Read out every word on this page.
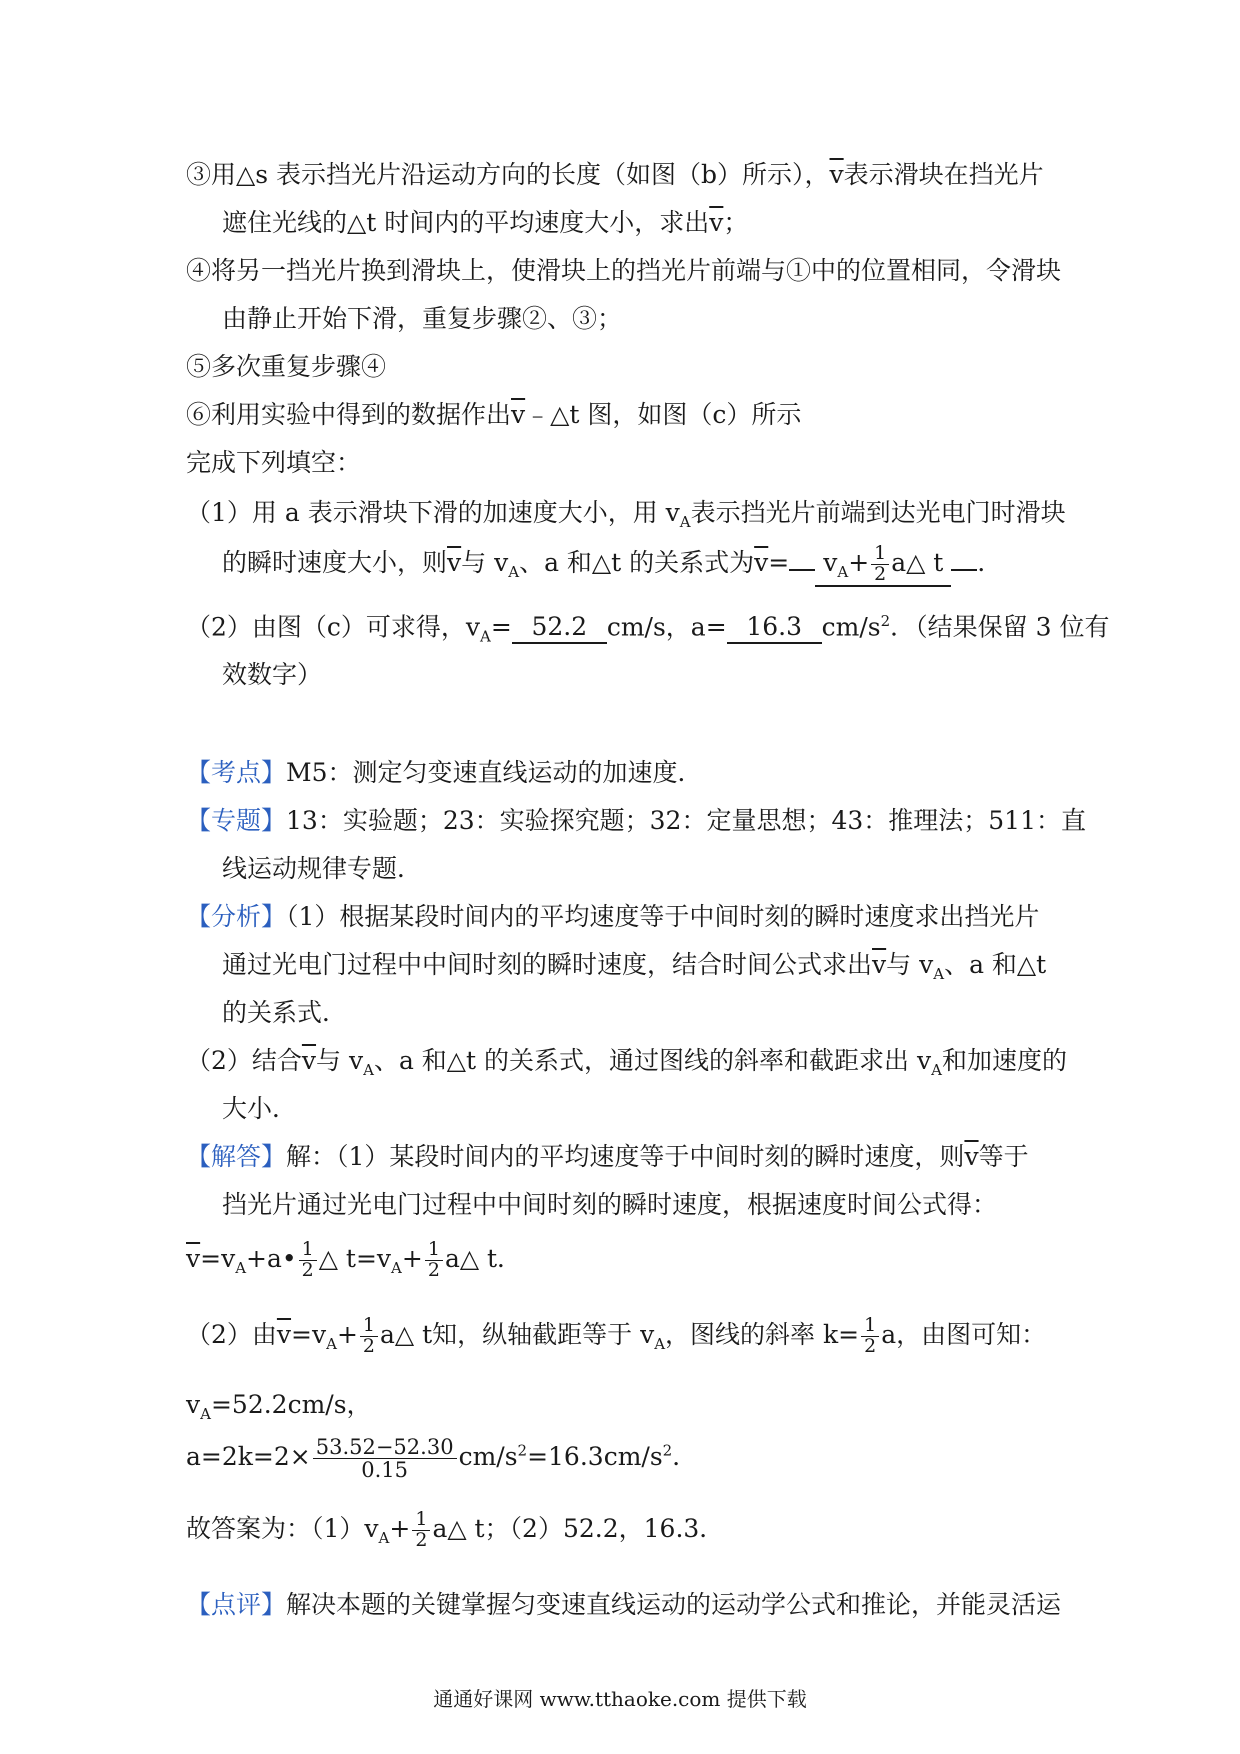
③用△s 表示挡光片沿运动方向的长度（如图（b）所示），$\overline{v}$表示滑块在挡光片
遮住光线的△t 时间内的平均速度大小，求出$\overline{v}$；
④将另一挡光片换到滑块上，使滑块上的挡光片前端与①中的位置相同，令滑块
由静止开始下滑，重复步骤②、③；
⑤多次重复步骤④
⑥利用实验中得到的数据作出$\overline{v}﹣\triangle t$ 图，如图（c）所示
完成下列填空：
（1）用 a 表示滑块下滑的加速度大小，用 $v_A$表示挡光片前端到达光电门时滑块
的瞬时速度大小，则$\overline{v}$与 $v_A$、a 和△t 的关系式为$\overline{v}= v_A+ \frac{1}{2}$ a△ t ．
（2）由图（c）可求得，$v_A= 52.2$ cm/s，a= 16.3 $cm/s^2$．（结果保留 3 位有
效数字）
【考点】M5：测定匀变速直线运动的加速度．
【专题】13：实验题；23：实验探究题；32：定量思想；43：推理法；511：直
线运动规律专题．
【分析】（1）根据某段时间内的平均速度等于中间时刻的瞬时速度求出挡光片
通过光电门过程中中间时刻的瞬时速度，结合时间公式求出$\overline{v}$与 $v_A$、a 和△t
的关系式．
（2）结合$\overline{v}$与 $v_A$、a 和△t 的关系式，通过图线的斜率和截距求出 $v_A$和加速度的
大小．
【解答】解：（1）某段时间内的平均速度等于中间时刻的瞬时速度，则$\overline{v}$等于
挡光片通过光电门过程中中间时刻的瞬时速度，根据速度时间公式得：
$\overline{v}=v_A+a• \frac{1}{2}$ △ $t=v_A+ \frac{1}{2}$ a△ t．
（2）由$\overline{v}=v_A+ \frac{1}{2}$ a△ t知，纵轴截距等于 $v_A$，图线的斜率 $k= \frac{1}{2}$ a，由图可知：
$v_A=52.2cm/s$，
$a=2k=2\times \frac{53.52-52.30}{0.15} cm/s^2=16.3cm/s^2$．
故答案为：$(1)v_A+ \frac{1}{2}$ a△ t；（2）52.2，16.3．
【点评】解决本题的关键掌握匀变速直线运动的运动学公式和推论，并能灵活运
通通好课网 www.tthaoke.com 提供下载
